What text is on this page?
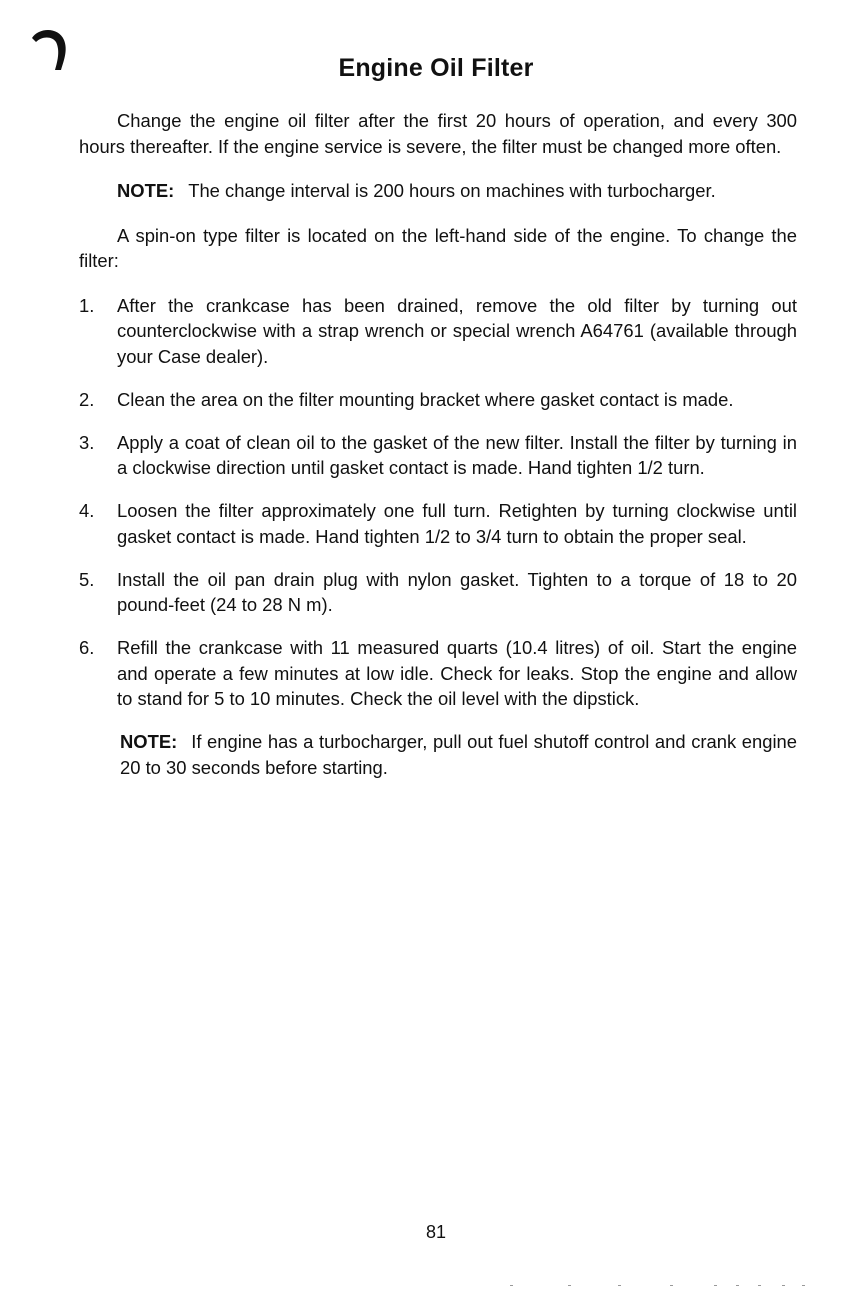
Engine Oil Filter

Change the engine oil filter after the first 20 hours of operation, and every 300 hours thereafter. If the engine service is severe, the filter must be changed more often.

NOTE: The change interval is 200 hours on machines with turbocharger.

A spin-on type filter is located on the left-hand side of the engine. To change the filter:

1.	After the crankcase has been drained, remove the old filter by turning out counterclockwise with a strap wrench or special wrench A64761 (available through your Case dealer).
2.	Clean the area on the filter mounting bracket where gasket contact is made.
3.	Apply a coat of clean oil to the gasket of the new filter. Install the filter by turning in a clockwise direction until gasket contact is made. Hand tighten 1/2 turn.
4.	Loosen the filter approximately one full turn. Retighten by turning clockwise until gasket contact is made. Hand tighten 1/2 to 3/4 turn to obtain the proper seal.
5.	Install the oil pan drain plug with nylon gasket. Tighten to a torque of 18 to 20 pound-feet (24 to 28 N m).
6.	Refill the crankcase with 11 measured quarts (10.4 litres) of oil. Start the engine and operate a few minutes at low idle. Check for leaks. Stop the engine and allow to stand for 5 to 10 minutes. Check the oil level with the dipstick.

NOTE: If engine has a turbocharger, pull out fuel shutoff control and crank engine 20 to 30 seconds before starting.

81
